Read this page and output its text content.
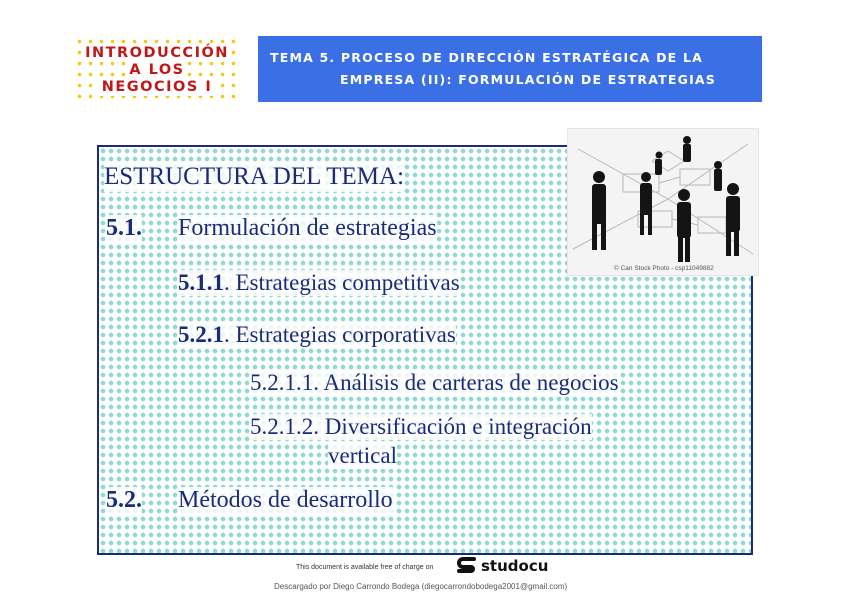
INTRODUCCIÓN
A LOS
NEGOCIOS I
TEMA 5. PROCESO DE DIRECCIÓN ESTRATÉGICA DE LA
EMPRESA (II): FORMULACIÓN DE ESTRATEGIAS
ESTRUCTURA DEL TEMA:
5.1. Formulación de estrategias
5.1.1. Estrategias competitivas
5.2.1. Estrategias corporativas
5.2.1.1. Análisis de carteras de negocios
5.2.1.2. Diversificación e integración
vertical
5.2. Métodos de desarrollo
© Can Stock Photo - csp11049882
This document is available free of charge on	studocu
Descargado por Diego Carrondo Bodega (diegocarrondobodega2001@gmail.com)
